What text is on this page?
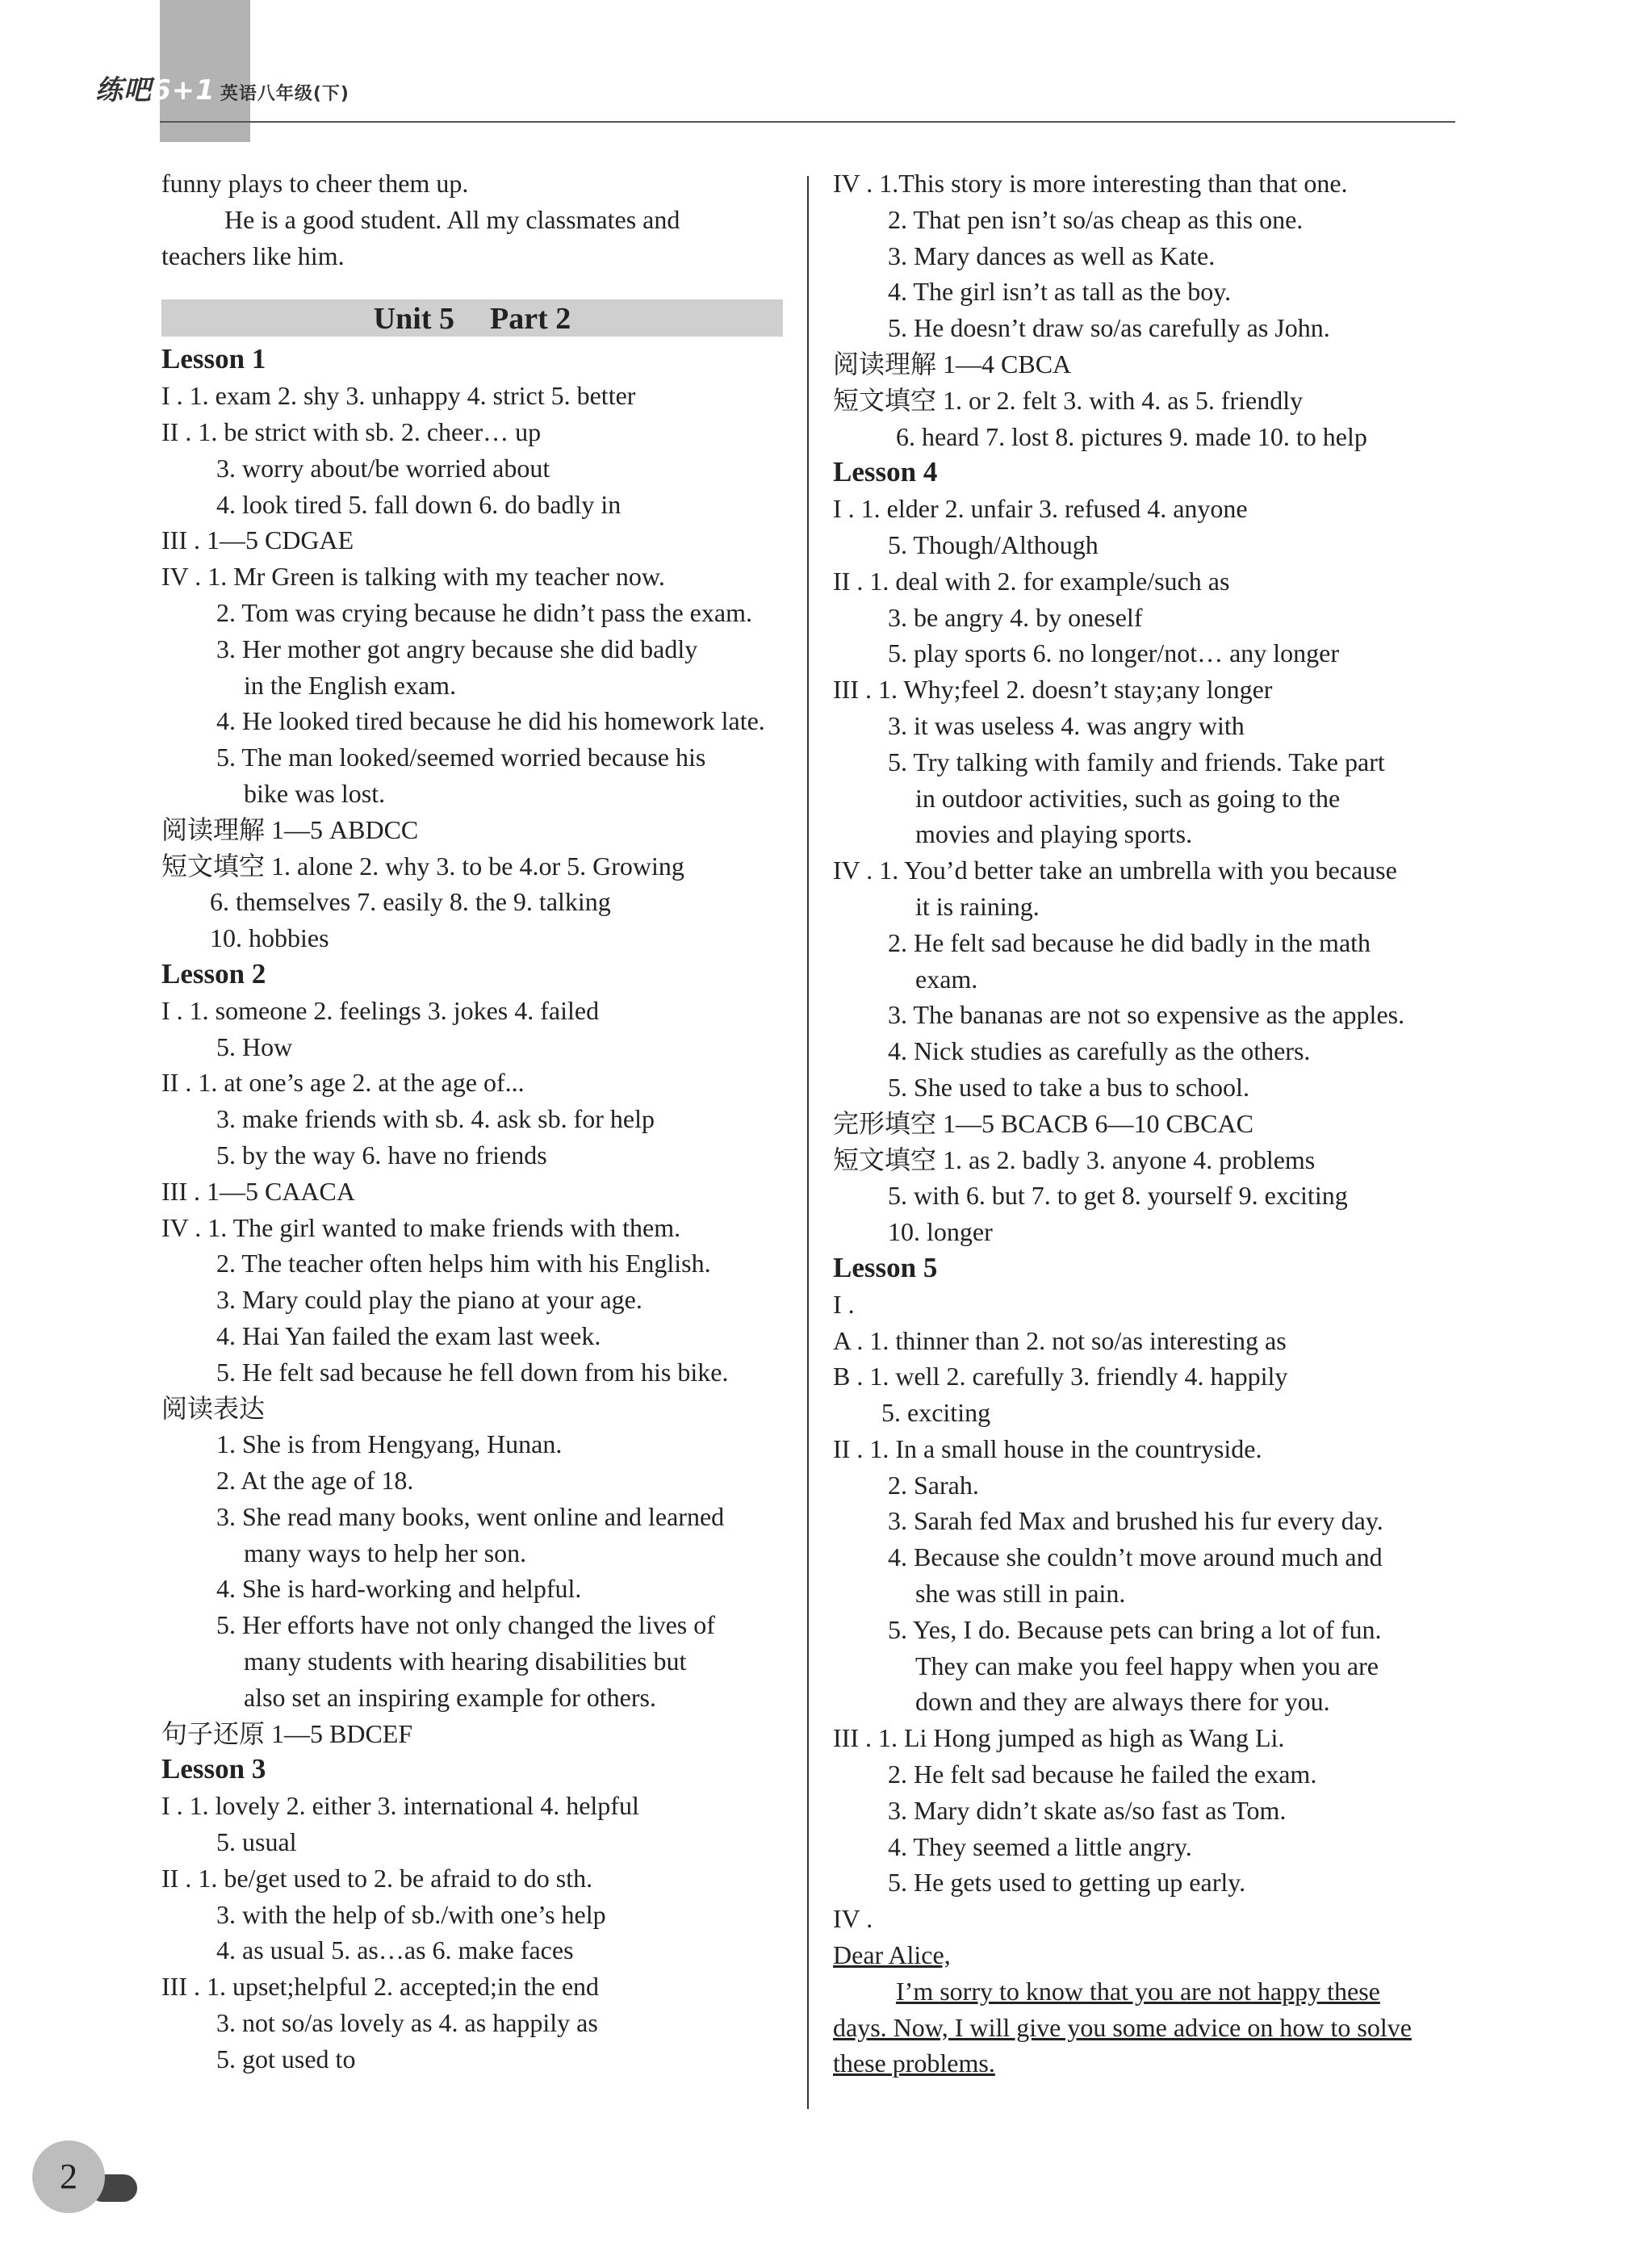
练吧6+1 英语八年级(下)
funny plays to cheer them up.
He is a good student. All my classmates and
teachers like him.
Unit 5 Part 2
Lesson 1
I . 1. exam 2. shy 3. unhappy 4. strict 5. better
II . 1. be strict with sb. 2. cheer… up
3. worry about/be worried about
4. look tired 5. fall down 6. do badly in
III . 1—5 CDGAE
IV . 1. Mr Green is talking with my teacher now.
2. Tom was crying because he didn’t pass the exam.
3. Her mother got angry because she did badly
in the English exam.
4. He looked tired because he did his homework late.
5. The man looked/seemed worried because his
bike was lost.
阅读理解 1—5 ABDCC
短文填空 1. alone 2. why 3. to be 4.or 5. Growing
6. themselves 7. easily 8. the 9. talking
10. hobbies
Lesson 2
I . 1. someone 2. feelings 3. jokes 4. failed
5. How
II . 1. at one’s age 2. at the age of...
3. make friends with sb. 4. ask sb. for help
5. by the way 6. have no friends
III . 1—5 CAACA
IV . 1. The girl wanted to make friends with them.
2. The teacher often helps him with his English.
3. Mary could play the piano at your age.
4. Hai Yan failed the exam last week.
5. He felt sad because he fell down from his bike.
阅读表达
1. She is from Hengyang, Hunan.
2. At the age of 18.
3. She read many books, went online and learned
many ways to help her son.
4. She is hard-working and helpful.
5. Her efforts have not only changed the lives of
many students with hearing disabilities but
also set an inspiring example for others.
句子还原 1—5 BDCEF
Lesson 3
I . 1. lovely 2. either 3. international 4. helpful
5. usual
II . 1. be/get used to 2. be afraid to do sth.
3. with the help of sb./with one’s help
4. as usual 5. as…as 6. make faces
III . 1. upset;helpful 2. accepted;in the end
3. not so/as lovely as 4. as happily as
5. got used to
IV . 1.This story is more interesting than that one.
2. That pen isn’t so/as cheap as this one.
3. Mary dances as well as Kate.
4. The girl isn’t as tall as the boy.
5. He doesn’t draw so/as carefully as John.
阅读理解 1—4 CBCA
短文填空 1. or 2. felt 3. with 4. as 5. friendly
6. heard 7. lost 8. pictures 9. made 10. to help
Lesson 4
I . 1. elder 2. unfair 3. refused 4. anyone
5. Though/Although
II . 1. deal with 2. for example/such as
3. be angry 4. by oneself
5. play sports 6. no longer/not… any longer
III . 1. Why;feel 2. doesn’t stay;any longer
3. it was useless 4. was angry with
5. Try talking with family and friends. Take part
in outdoor activities, such as going to the
movies and playing sports.
IV . 1. You’d better take an umbrella with you because
it is raining.
2. He felt sad because he did badly in the math
exam.
3. The bananas are not so expensive as the apples.
4. Nick studies as carefully as the others.
5. She used to take a bus to school.
完形填空 1—5 BCACB 6—10 CBCAC
短文填空 1. as 2. badly 3. anyone 4. problems
5. with 6. but 7. to get 8. yourself 9. exciting
10. longer
Lesson 5
I .
A . 1. thinner than 2. not so/as interesting as
B . 1. well 2. carefully 3. friendly 4. happily
5. exciting
II . 1. In a small house in the countryside.
2. Sarah.
3. Sarah fed Max and brushed his fur every day.
4. Because she couldn’t move around much and
she was still in pain.
5. Yes, I do. Because pets can bring a lot of fun.
They can make you feel happy when you are
down and they are always there for you.
III . 1. Li Hong jumped as high as Wang Li.
2. He felt sad because he failed the exam.
3. Mary didn’t skate as/so fast as Tom.
4. They seemed a little angry.
5. He gets used to getting up early.
IV .
Dear Alice,
I’m sorry to know that you are not happy these
days. Now, I will give you some advice on how to solve
these problems.
2
